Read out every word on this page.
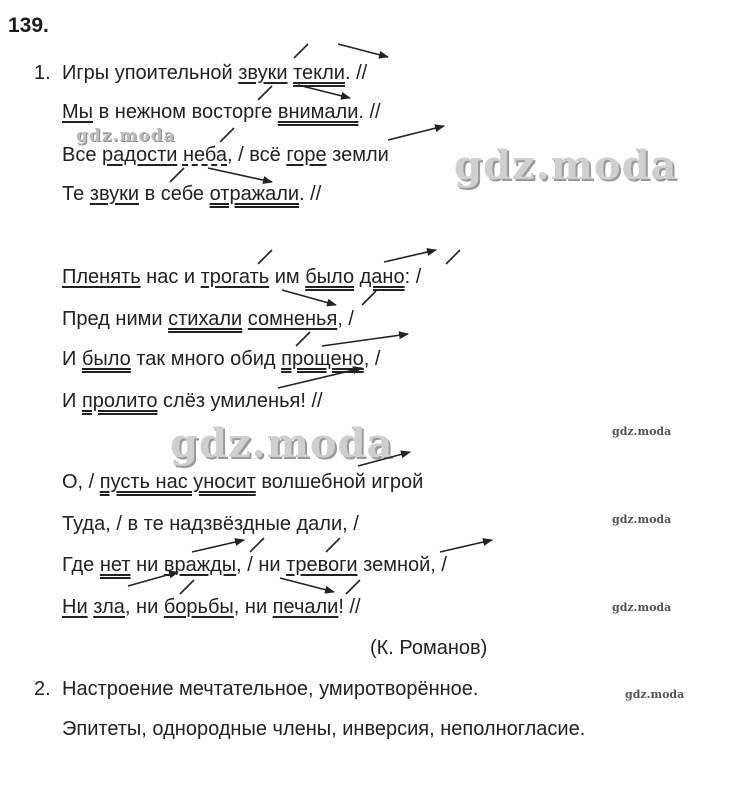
139.
1. Игры упоительной звуки текли. //
Мы в нежном восторге внимали. //
Все радости неба, / всё горе земли
Те звуки в себе отражали. //
Пленять нас и трогать им было дано: /
Пред ними стихали сомненья, /
И было так много обид прощено, /
И пролито слёз умиленья! //
О, / пусть нас уносит волшебной игрой
Туда, / в те надзвёздные дали, /
Где нет ни вражды, / ни тревоги земной, /
Ни зла, ни борьбы, ни печали! //
(К. Романов)
2. Настроение мечтательное, умиротворённое.
Эпитеты, однородные члены, инверсия, неполногласие.
gdz.moda
gdz.moda
gdz.moda
gdz.moda
gdz.moda
gdz.moda
gdz.moda
